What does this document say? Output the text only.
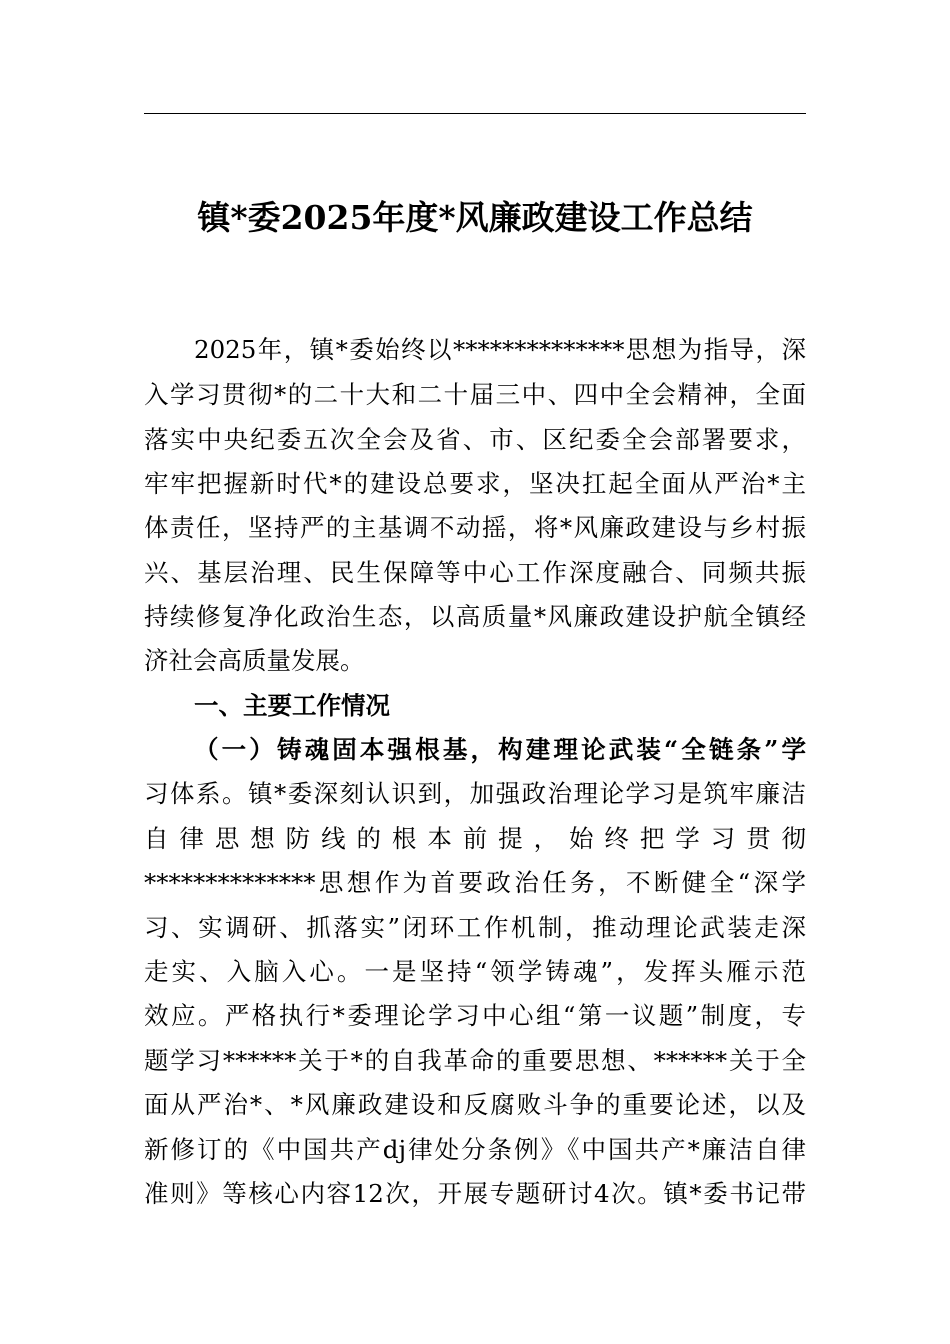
镇*委2025年度*风廉政建设工作总结
2025年，镇*委始终以**************思想为指导，深
入学习贯彻*的二十大和二十届三中、四中全会精神，全面
落实中央纪委五次全会及省、市、区纪委全会部署要求，
牢牢把握新时代*的建设总要求，坚决扛起全面从严治*主
体责任，坚持严的主基调不动摇，将*风廉政建设与乡村振
兴、基层治理、民生保障等中心工作深度融合、同频共振
持续修复净化政治生态，以高质量*风廉政建设护航全镇经
济社会高质量发展。
一、主要工作情况
（一）铸魂固本强根基，构建理论武装“全链条”学
习体系。镇*委深刻认识到，加强政治理论学习是筑牢廉洁
自律思想防线的根本前提，始终把学习贯彻
**************思想作为首要政治任务，不断健全“深学
习、实调研、抓落实”闭环工作机制，推动理论武装走深
走实、入脑入心。一是坚持“领学铸魂”，发挥头雁示范
效应。严格执行*委理论学习中心组“第一议题”制度，专
题学习******关于*的自我革命的重要思想、******关于全
面从严治*、*风廉政建设和反腐败斗争的重要论述，以及
新修订的《中国共产dj律处分条例》《中国共产*廉洁自律
准则》等核心内容12次，开展专题研讨4次。镇*委书记带
